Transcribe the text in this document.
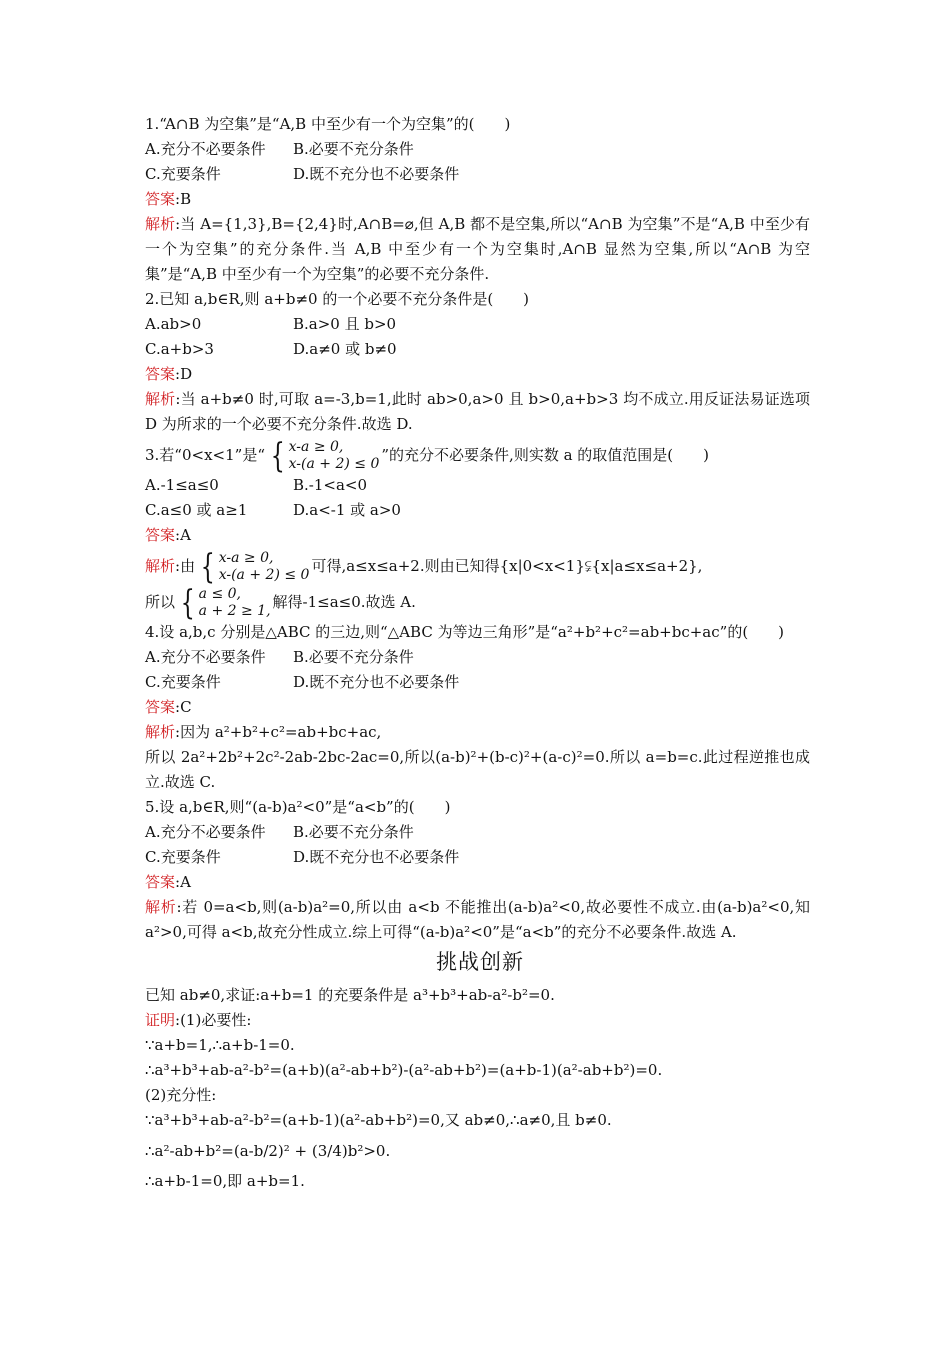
1.“A∩B 为空集”是“A,B 中至少有一个为空集”的(　　)
A.充分不必要条件	B.必要不充分条件
C.充要条件	D.既不充分也不必要条件
答案:B
解析:当 A={1,3},B={2,4}时,A∩B=⌀,但 A,B 都不是空集,所以“A∩B 为空集”不是“A,B 中至少有一个为空集”的充分条件.当 A,B 中至少有一个为空集时,A∩B 显然为空集,所以“A∩B 为空集”是“A,B 中至少有一个为空集”的必要不充分条件.
2.已知 a,b∈R,则 a+b≠0 的一个必要不充分条件是(　　)
A.ab>0	B.a>0 且 b>0
C.a+b>3	D.a≠0 或 b≠0
答案:D
解析:当 a+b≠0 时,可取 a=-3,b=1,此时 ab>0,a>0 且 b>0,a+b>3 均不成立.用反证法易证选项 D 为所求的一个必要不充分条件.故选 D.
3.若“0<x<1”是“ { x-a ≥ 0,
x-(a + 2) ≤ 0 ”的充分不必要条件,则实数 a 的取值范围是(　　)
A.-1≤a≤0	B.-1<a<0
C.a≤0 或 a≥1	D.a<-1 或 a>0
答案:A
解析:由 { x-a ≥ 0,
x-(a + 2) ≤ 0 可得,a≤x≤a+2.则由已知得{x|0<x<1}⫋{x|a≤x≤a+2},
所以 { a ≤ 0,
a + 2 ≥ 1, 解得-1≤a≤0.故选 A.
4.设 a,b,c 分别是△ABC 的三边,则“△ABC 为等边三角形”是“a²+b²+c²=ab+bc+ac”的(　　)
A.充分不必要条件	B.必要不充分条件
C.充要条件	D.既不充分也不必要条件
答案:C
解析:因为 a²+b²+c²=ab+bc+ac,
所以 2a²+2b²+2c²-2ab-2bc-2ac=0,所以(a-b)²+(b-c)²+(a-c)²=0.所以 a=b=c.此过程逆推也成立.故选 C.
5.设 a,b∈R,则“(a-b)a²<0”是“a<b”的(　　)
A.充分不必要条件	B.必要不充分条件
C.充要条件	D.既不充分也不必要条件
答案:A
解析:若 0=a<b,则(a-b)a²=0,所以由 a<b 不能推出(a-b)a²<0,故必要性不成立.由(a-b)a²<0,知 a²>0,可得 a<b,故充分性成立.综上可得“(a-b)a²<0”是“a<b”的充分不必要条件.故选 A.
挑战创新
已知 ab≠0,求证:a+b=1 的充要条件是 a³+b³+ab-a²-b²=0.
证明:(1)必要性:
∵a+b=1,∴a+b-1=0.
∴a³+b³+ab-a²-b²=(a+b)(a²-ab+b²)-(a²-ab+b²)=(a+b-1)(a²-ab+b²)=0.
(2)充分性:
∵a³+b³+ab-a²-b²=(a+b-1)(a²-ab+b²)=0,又 ab≠0,∴a≠0,且 b≠0.
∴a²-ab+b²=(a-b/2)² + (3/4)b²>0.
∴a+b-1=0,即 a+b=1.
